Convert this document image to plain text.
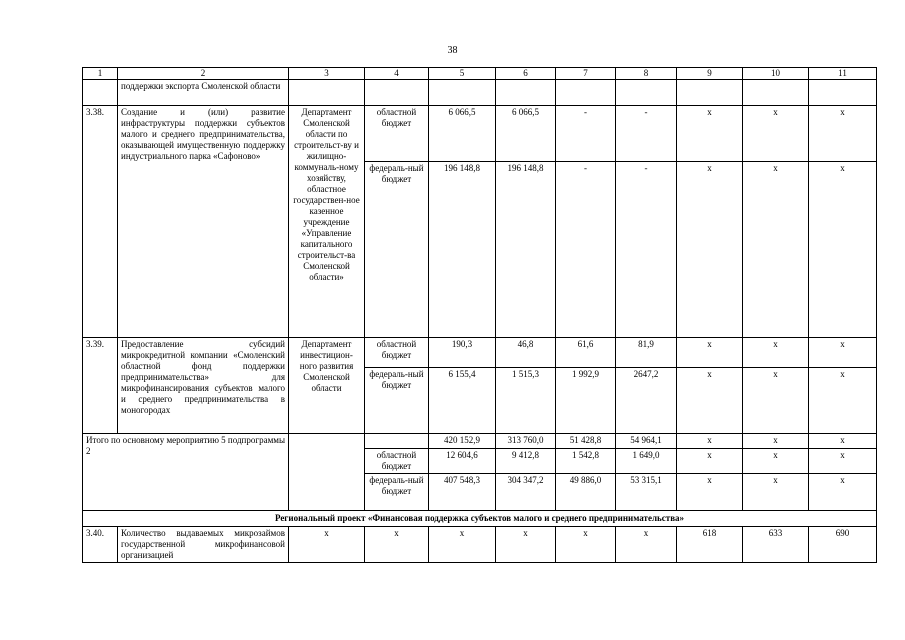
38
1	2	3	4	5	6	7	8	9	10	11
	поддержки экспорта Смоленской области									
3.38.	Создание и (или) развитие инфраструктуры поддержки субъектов малого и среднего предпринимательства, оказывающей имущественную поддержку индустриального парка «Сафоново»	Департамент Смоленской области по строительст-ву и жилищно-коммуналь-ному хозяйству, областное государствен-ное казенное учреждение «Управление капитального строительст-ва Смоленской области»	областной бюджет	6 066,5	6 066,5	-	-	x	x	x
			федераль-ный бюджет	196 148,8	196 148,8	-	-	x	x	x
3.39.	Предоставление субсидий микрокредитной компании «Смоленский областной фонд поддержки предпринимательства» для микрофинансирования субъектов малого и среднего предпринимательства в моногородах	Департамент инвестицион-ного развития Смоленской области	областной бюджет	190,3	46,8	61,6	81,9	x	x	x
			федераль-ный бюджет	6 155,4	1 515,3	1 992,9	2647,2	x	x	x
Итого по основному мероприятию 5 подпрограммы 2				420 152,9	313 760,0	51 428,8	54 964,1	x	x	x
			областной бюджет	12 604,6	9 412,8	1 542,8	1 649,0	x	x	x
			федераль-ный бюджет	407 548,3	304 347,2	49 886,0	53 315,1	x	x	x
Региональный проект «Финансовая поддержка субъектов малого и среднего предпринимательства»										
3.40.	Количество выдаваемых микрозаймов государственной микрофинансовой организацией	x	x	x	x	x	x	618	633	690
